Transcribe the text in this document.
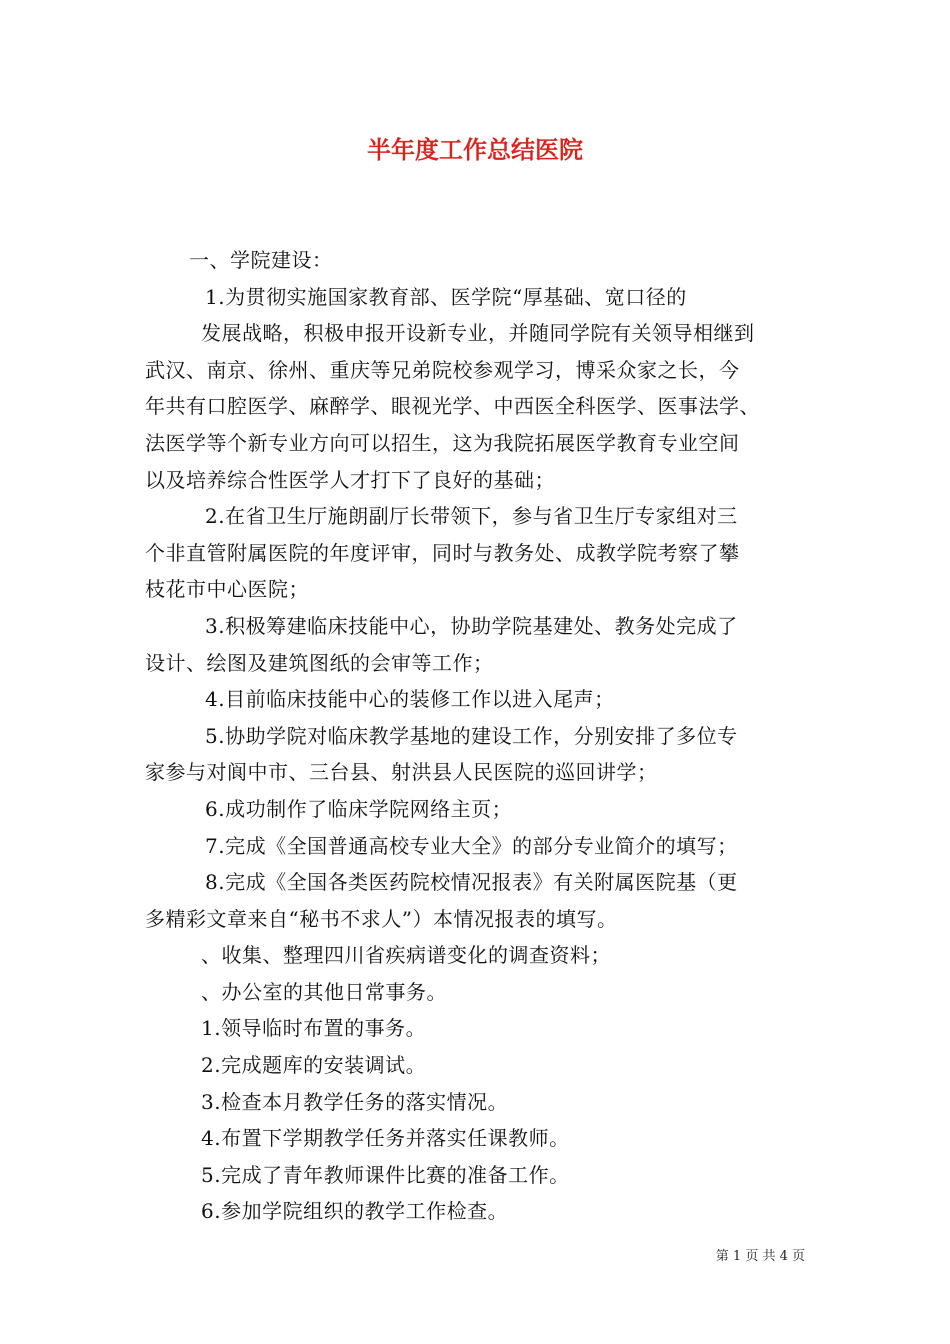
半年度工作总结医院
一、学院建设：
1.为贯彻实施国家教育部、医学院“厚基础、宽口径的
发展战略，积极申报开设新专业，并随同学院有关领导相继到
武汉、南京、徐州、重庆等兄弟院校参观学习，博采众家之长，今
年共有口腔医学、麻醉学、眼视光学、中西医全科医学、医事法学、
法医学等个新专业方向可以招生，这为我院拓展医学教育专业空间
以及培养综合性医学人才打下了良好的基础；
2.在省卫生厅施朗副厅长带领下，参与省卫生厅专家组对三
个非直管附属医院的年度评审，同时与教务处、成教学院考察了攀
枝花市中心医院；
3.积极筹建临床技能中心，协助学院基建处、教务处完成了
设计、绘图及建筑图纸的会审等工作；
4.目前临床技能中心的装修工作以进入尾声；
5.协助学院对临床教学基地的建设工作，分别安排了多位专
家参与对阆中市、三台县、射洪县人民医院的巡回讲学；
6.成功制作了临床学院网络主页；
7.完成《全国普通高校专业大全》的部分专业简介的填写；
8.完成《全国各类医药院校情况报表》有关附属医院基（更
多精彩文章来自“秘书不求人”）本情况报表的填写。
、收集、整理四川省疾病谱变化的调查资料；
、办公室的其他日常事务。
1.领导临时布置的事务。
2.完成题库的安装调试。
3.检查本月教学任务的落实情况。
4.布置下学期教学任务并落实任课教师。
5.完成了青年教师课件比赛的准备工作。
6.参加学院组织的教学工作检查。
第 1 页 共 4 页
